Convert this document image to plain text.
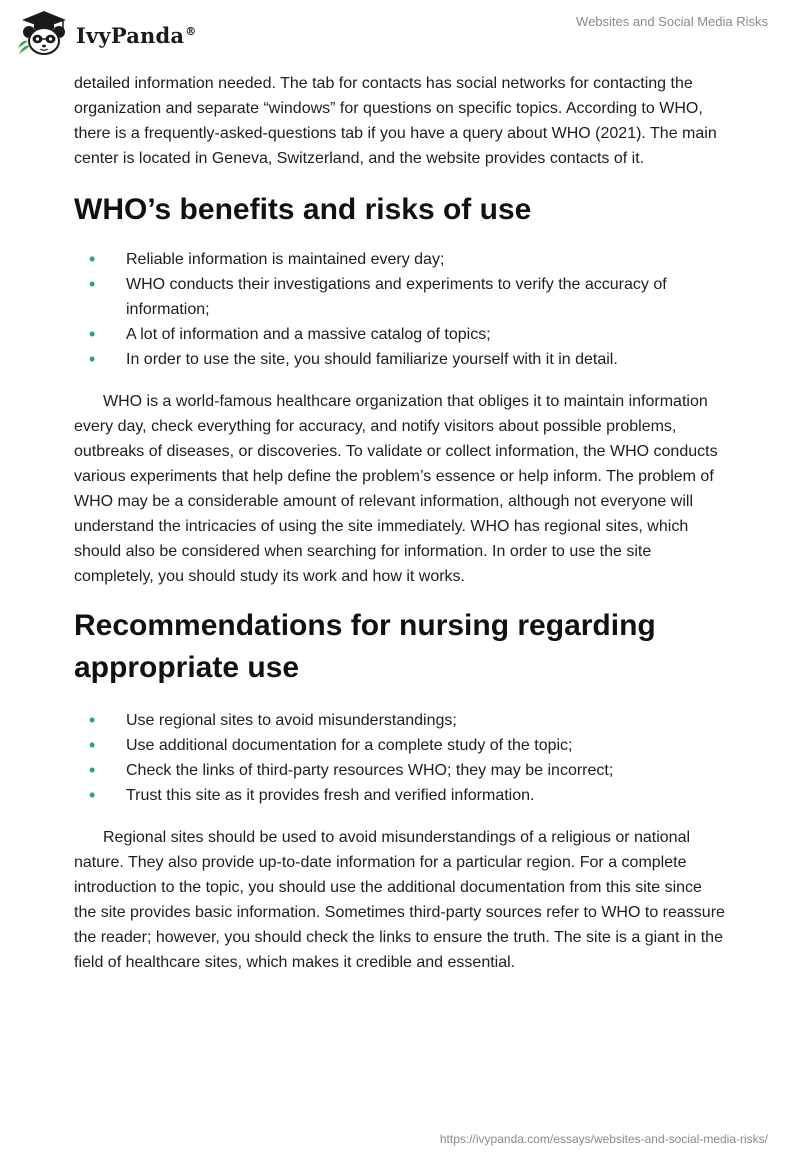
IvyPanda®
Websites and Social Media Risks

detailed information needed. The tab for contacts has social networks for contacting the organization and separate “windows” for questions on specific topics. According to WHO, there is a frequently-asked-questions tab if you have a query about WHO (2021). The main center is located in Geneva, Switzerland, and the website provides contacts of it.

WHO’s benefits and risks of use
• Reliable information is maintained every day;
• WHO conducts their investigations and experiments to verify the accuracy of information;
• A lot of information and a massive catalog of topics;
• In order to use the site, you should familiarize yourself with it in detail.

WHO is a world-famous healthcare organization that obliges it to maintain information every day, check everything for accuracy, and notify visitors about possible problems, outbreaks of diseases, or discoveries. To validate or collect information, the WHO conducts various experiments that help define the problem’s essence or help inform. The problem of WHO may be a considerable amount of relevant information, although not everyone will understand the intricacies of using the site immediately. WHO has regional sites, which should also be considered when searching for information. In order to use the site completely, you should study its work and how it works.

Recommendations for nursing regarding appropriate use
• Use regional sites to avoid misunderstandings;
• Use additional documentation for a complete study of the topic;
• Check the links of third-party resources WHO; they may be incorrect;
• Trust this site as it provides fresh and verified information.

Regional sites should be used to avoid misunderstandings of a religious or national nature. They also provide up-to-date information for a particular region. For a complete introduction to the topic, you should use the additional documentation from this site since the site provides basic information. Sometimes third-party sources refer to WHO to reassure the reader; however, you should check the links to ensure the truth. The site is a giant in the field of healthcare sites, which makes it credible and essential.

https://ivypanda.com/essays/websites-and-social-media-risks/
